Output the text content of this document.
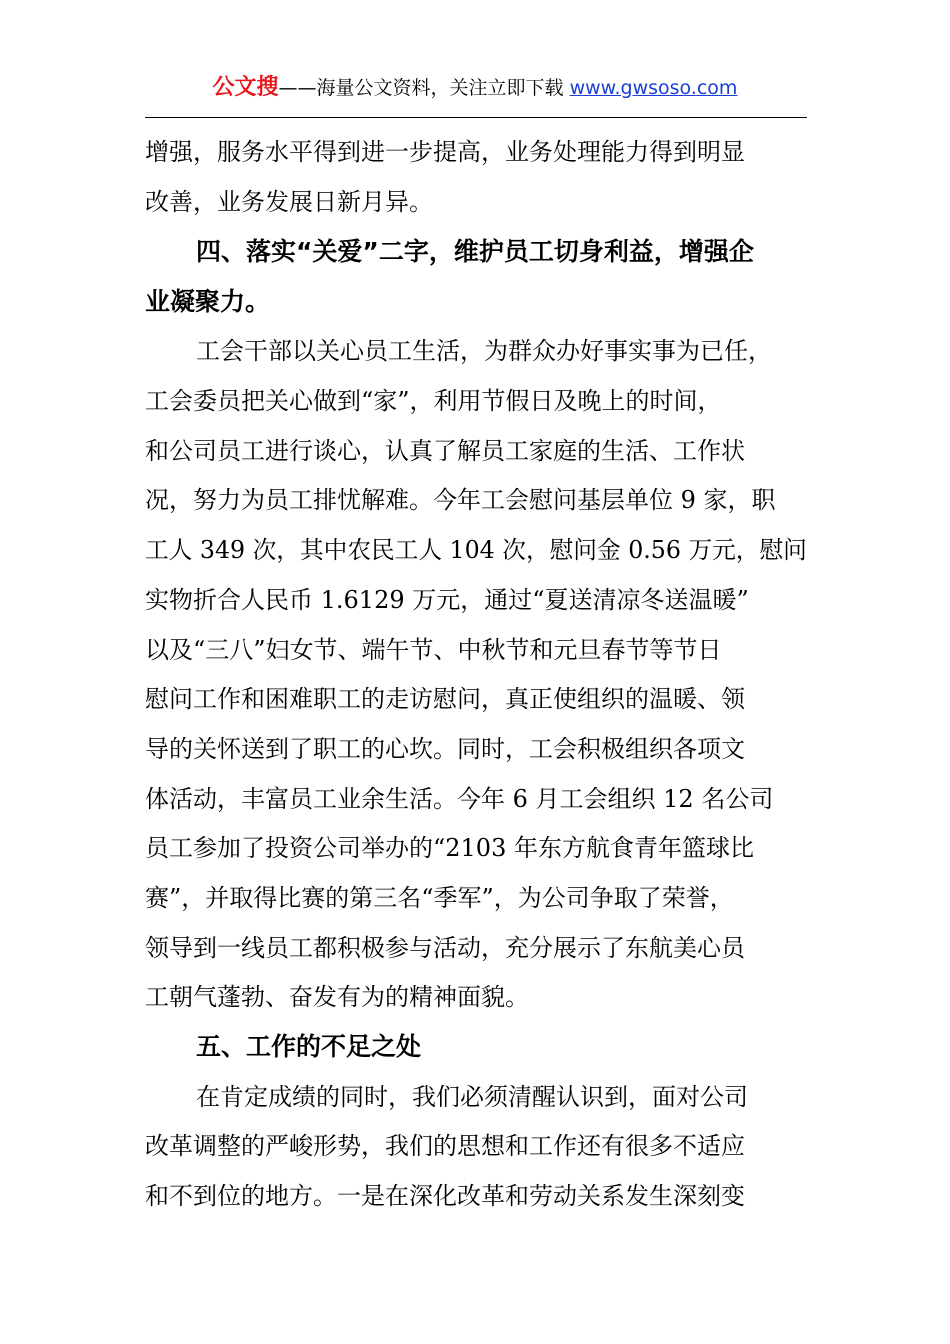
公文搜——海量公文资料，关注立即下载 www.gwsoso.com
增强，服务水平得到进一步提高，业务处理能力得到明显
改善，业务发展日新月异。
四、落实“关爱”二字，维护员工切身利益，增强企
业凝聚力。
工会干部以关心员工生活，为群众办好事实事为已任，
工会委员把关心做到“家”，利用节假日及晚上的时间，
和公司员工进行谈心，认真了解员工家庭的生活、工作状
况，努力为员工排忧解难。今年工会慰问基层单位 9 家，职
工人 349 次，其中农民工人 104 次，慰问金 0.56 万元，慰问
实物折合人民币 1.6129 万元，通过“夏送清凉冬送温暖”
以及“三八”妇女节、端午节、中秋节和元旦春节等节日
慰问工作和困难职工的走访慰问，真正使组织的温暖、领
导的关怀送到了职工的心坎。同时，工会积极组织各项文
体活动，丰富员工业余生活。今年 6 月工会组织 12 名公司
员工参加了投资公司举办的“2103 年东方航食青年篮球比
赛”，并取得比赛的第三名“季军”，为公司争取了荣誉，
领导到一线员工都积极参与活动，充分展示了东航美心员
工朝气蓬勃、奋发有为的精神面貌。
五、工作的不足之处
在肯定成绩的同时，我们必须清醒认识到，面对公司
改革调整的严峻形势，我们的思想和工作还有很多不适应
和不到位的地方。一是在深化改革和劳动关系发生深刻变
